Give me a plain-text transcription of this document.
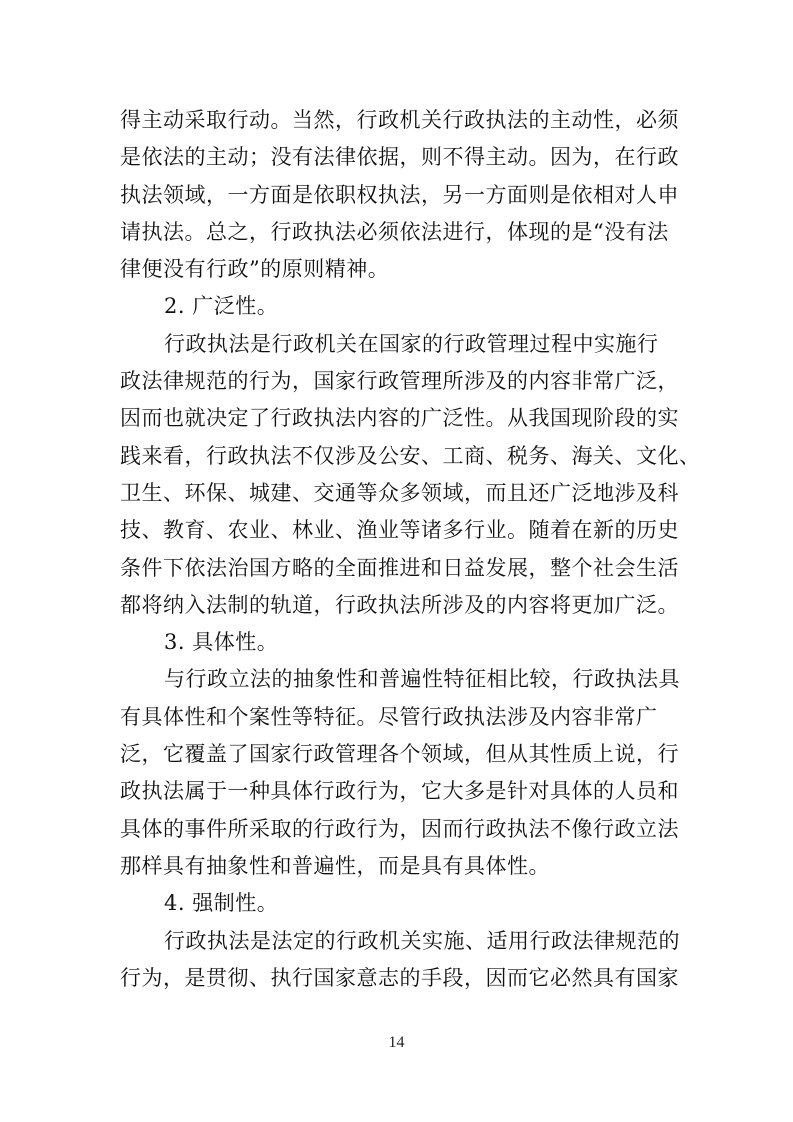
得主动采取行动。当然，行政机关行政执法的主动性，必须
是依法的主动；没有法律依据，则不得主动。因为，在行政
执法领域，一方面是依职权执法，另一方面则是依相对人申
请执法。总之，行政执法必须依法进行，体现的是“没有法
律便没有行政”的原则精神。
2. 广泛性。
行政执法是行政机关在国家的行政管理过程中实施行
政法律规范的行为，国家行政管理所涉及的内容非常广泛，
因而也就决定了行政执法内容的广泛性。从我国现阶段的实
践来看，行政执法不仅涉及公安、工商、税务、海关、文化、
卫生、环保、城建、交通等众多领域，而且还广泛地涉及科
技、教育、农业、林业、渔业等诸多行业。随着在新的历史
条件下依法治国方略的全面推进和日益发展，整个社会生活
都将纳入法制的轨道，行政执法所涉及的内容将更加广泛。
3. 具体性。
与行政立法的抽象性和普遍性特征相比较，行政执法具
有具体性和个案性等特征。尽管行政执法涉及内容非常广
泛，它覆盖了国家行政管理各个领域，但从其性质上说，行
政执法属于一种具体行政行为，它大多是针对具体的人员和
具体的事件所采取的行政行为，因而行政执法不像行政立法
那样具有抽象性和普遍性，而是具有具体性。
4. 强制性。
行政执法是法定的行政机关实施、适用行政法律规范的
行为，是贯彻、执行国家意志的手段，因而它必然具有国家
14
